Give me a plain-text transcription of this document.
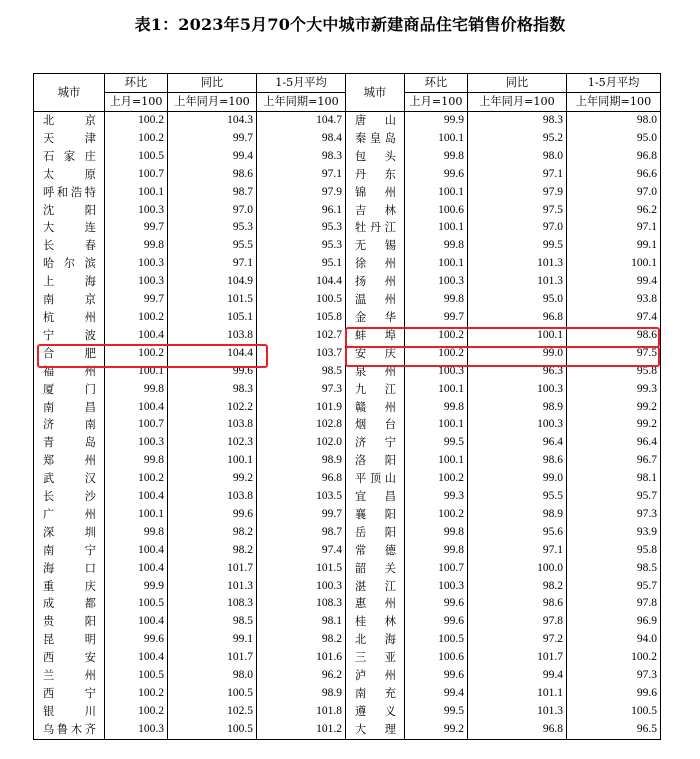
表1：2023年5月70个大中城市新建商品住宅销售价格指数
城市	环比	同比	1-5月平均	城市	环比	同比	1-5月平均
	上月=100	上年同月=100	上年同期=100		上月=100	上年同月=100	上年同期=100
北京	100.2	104.3	104.7	唐山	99.9	98.3	98.0
天津	100.2	99.7	98.4	秦皇岛	100.1	95.2	95.0
石家庄	100.5	99.4	98.3	包头	99.8	98.0	96.8
太原	100.7	98.6	97.1	丹东	99.6	97.1	96.6
呼和浩特	100.1	98.7	97.9	锦州	100.1	97.9	97.0
沈阳	100.3	97.0	96.1	吉林	100.6	97.5	96.2
大连	99.7	95.3	95.3	牡丹江	100.1	97.0	97.1
长春	99.8	95.5	95.3	无锡	99.8	99.5	99.1
哈尔滨	100.3	97.1	95.1	徐州	100.1	101.3	100.1
上海	100.3	104.9	104.4	扬州	100.3	101.3	99.4
南京	99.7	101.5	100.5	温州	99.8	95.0	93.8
杭州	100.2	105.1	105.8	金华	99.7	96.8	97.4
宁波	100.4	103.8	102.7	蚌埠	100.2	100.1	98.6
合肥	100.2	104.4	103.7	安庆	100.2	99.0	97.5
福州	100.1	99.6	98.5	泉州	100.3	96.3	95.8
厦门	99.8	98.3	97.3	九江	100.1	100.3	99.3
南昌	100.4	102.2	101.9	赣州	99.8	98.9	99.2
济南	100.7	103.8	102.8	烟台	100.1	100.3	99.2
青岛	100.3	102.3	102.0	济宁	99.5	96.4	96.4
郑州	99.8	100.1	98.9	洛阳	100.1	98.6	96.7
武汉	100.2	99.2	96.8	平顶山	100.2	99.0	98.1
长沙	100.4	103.8	103.5	宜昌	99.3	95.5	95.7
广州	100.1	99.6	99.7	襄阳	100.2	98.9	97.3
深圳	99.8	98.2	98.7	岳阳	99.8	95.6	93.9
南宁	100.4	98.2	97.4	常德	99.8	97.1	95.8
海口	100.4	101.7	101.5	韶关	100.7	100.0	98.5
重庆	99.9	101.3	100.3	湛江	100.3	98.2	95.7
成都	100.5	108.3	108.3	惠州	99.6	98.6	97.8
贵阳	100.4	98.5	98.1	桂林	99.6	97.8	96.9
昆明	99.6	99.1	98.2	北海	100.5	97.2	94.0
西安	100.4	101.7	101.6	三亚	100.6	101.7	100.2
兰州	100.5	98.0	96.2	泸州	99.6	99.4	97.3
西宁	100.2	100.5	98.9	南充	99.4	101.1	99.6
银川	100.2	102.5	101.8	遵义	99.5	101.3	100.5
乌鲁木齐	100.3	100.5	101.2	大理	99.2	96.8	96.5
